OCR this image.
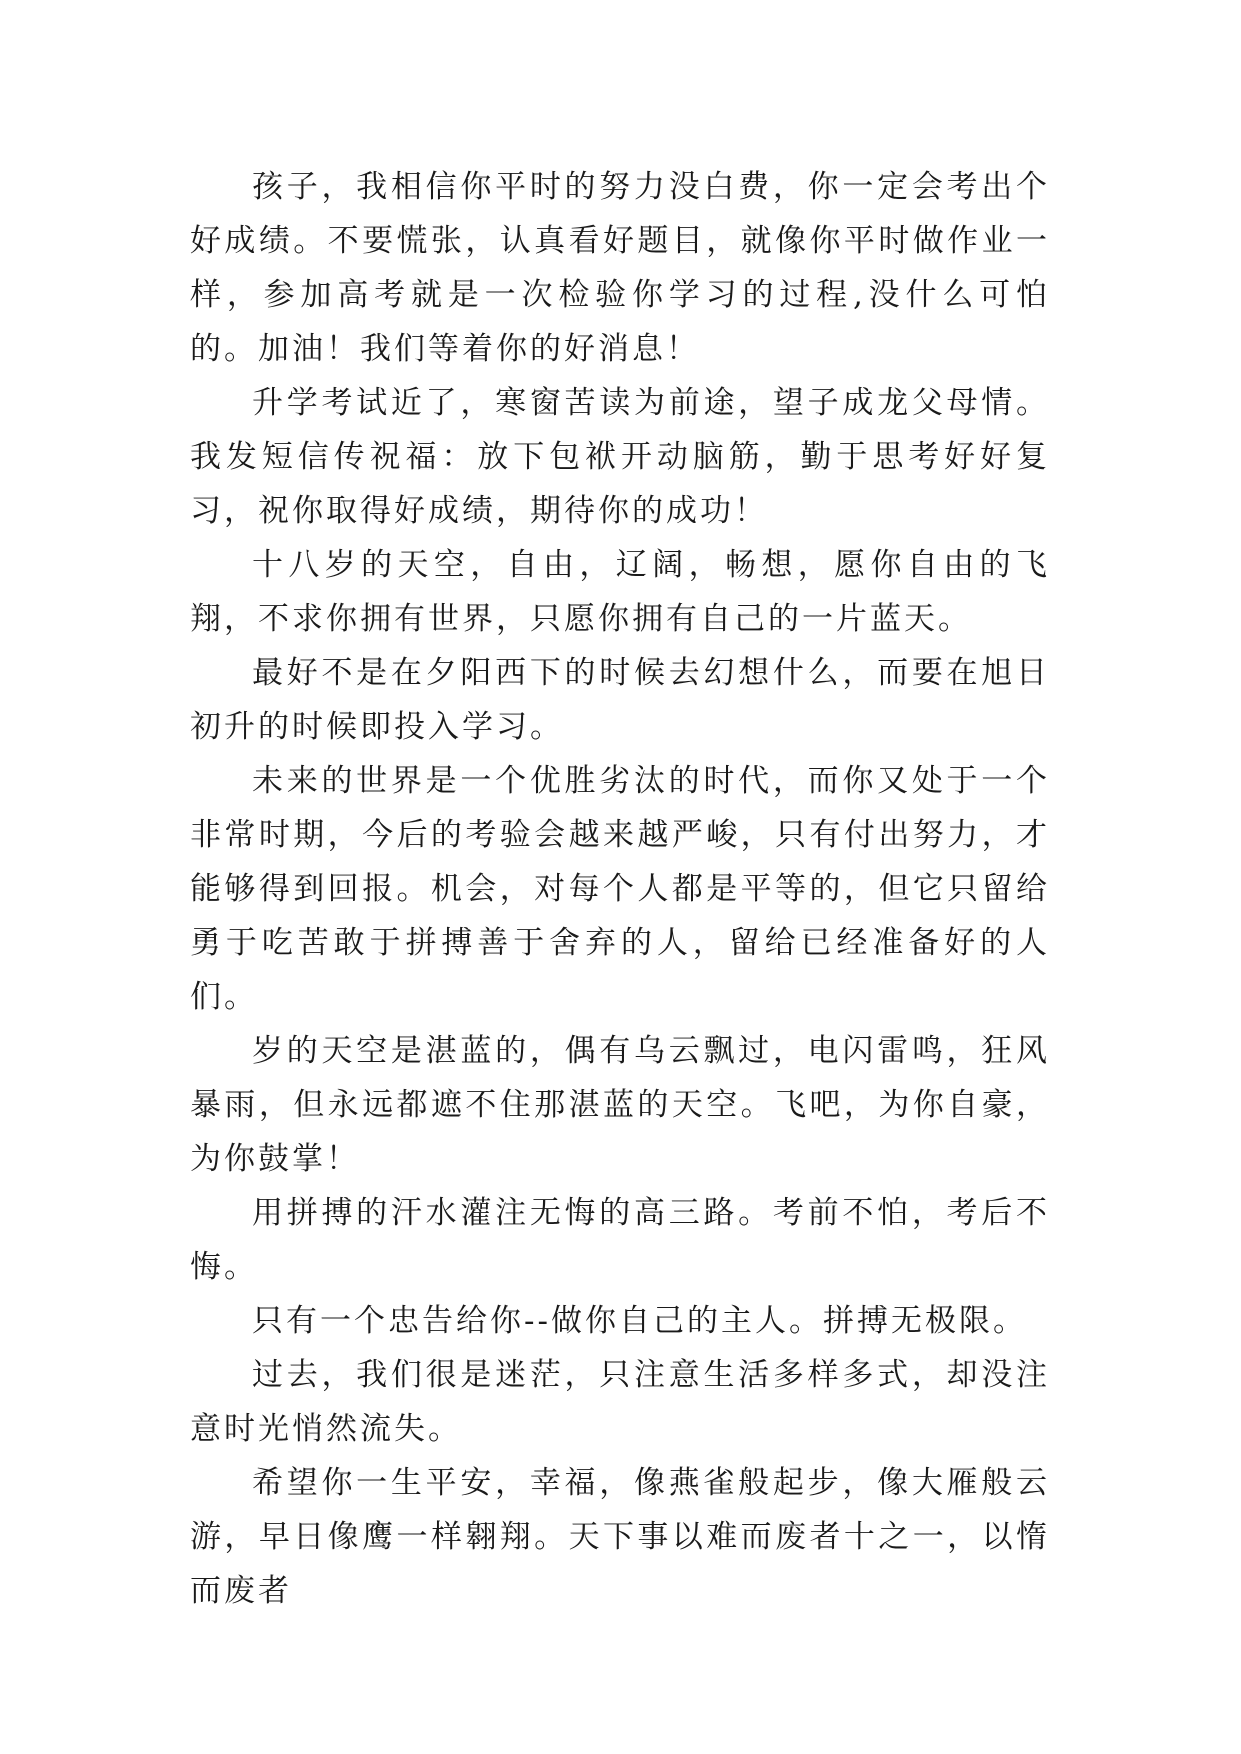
孩子，我相信你平时的努力没白费，你一定会考出个好成绩。不要慌张，认真看好题目，就像你平时做作业一样，参加高考就是一次检验你学习的过程,没什么可怕的。加油！我们等着你的好消息！

升学考试近了，寒窗苦读为前途，望子成龙父母情。我发短信传祝福：放下包袱开动脑筋，勤于思考好好复习，祝你取得好成绩，期待你的成功！

十八岁的天空，自由，辽阔，畅想，愿你自由的飞翔，不求你拥有世界，只愿你拥有自己的一片蓝天。

最好不是在夕阳西下的时候去幻想什么，而要在旭日初升的时候即投入学习。

未来的世界是一个优胜劣汰的时代，而你又处于一个非常时期，今后的考验会越来越严峻，只有付出努力，才能够得到回报。机会，对每个人都是平等的，但它只留给勇于吃苦敢于拼搏善于舍弃的人，留给已经准备好的人们。

岁的天空是湛蓝的，偶有乌云飘过，电闪雷鸣，狂风暴雨，但永远都遮不住那湛蓝的天空。飞吧，为你自豪，为你鼓掌！

用拼搏的汗水灌注无悔的高三路。考前不怕，考后不悔。

只有一个忠告给你--做你自己的主人。拼搏无极限。

过去，我们很是迷茫，只注意生活多样多式，却没注意时光悄然流失。

希望你一生平安，幸福，像燕雀般起步，像大雁般云游，早日像鹰一样翱翔。天下事以难而废者十之一，以惰而废者
